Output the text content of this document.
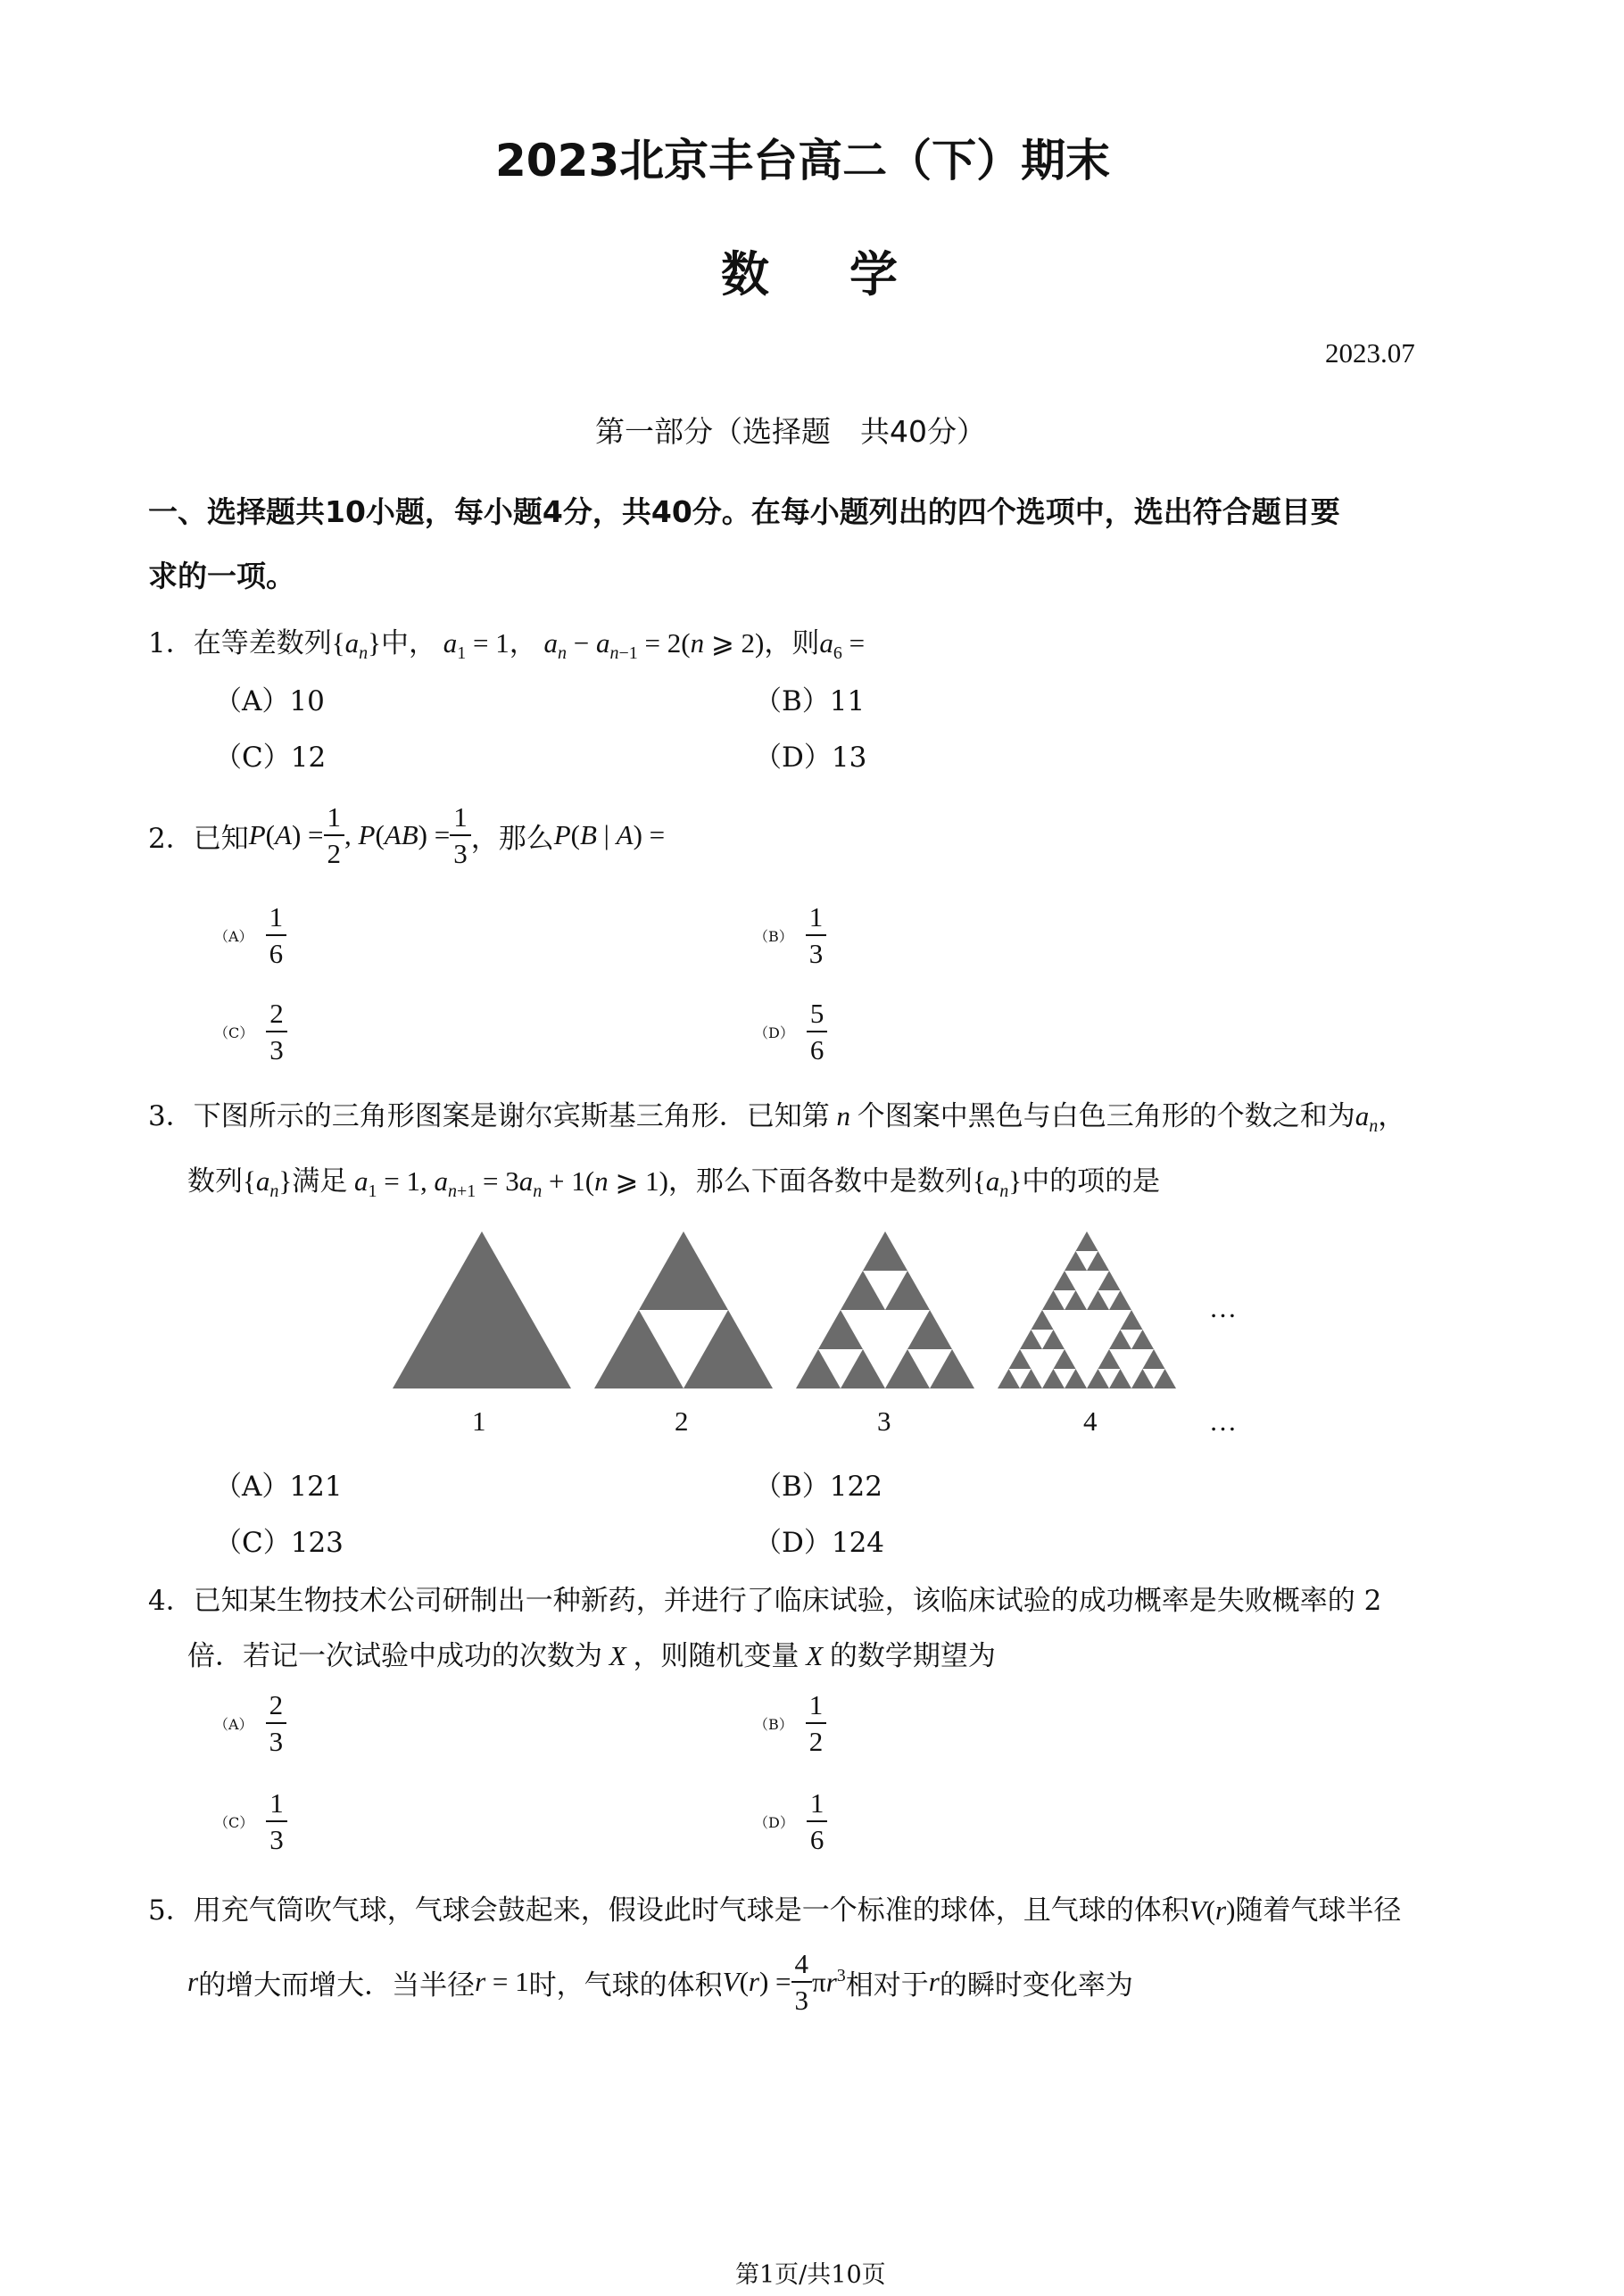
2023北京丰台高二（下）期末
数学
2023.07
第一部分（选择题　共40分）
一、选择题共10小题，每小题4分，共40分。在每小题列出的四个选项中，选出符合题目要
求的一项。
1．在等差数列$\{a_n\}$中， $a_1 = 1$， $a_n - a_{n-1} = 2(n$ ⩾ 2)，则$a_6$ =
（A）10	（B）11
（C）12	（D）13
2． 已知 $P(A) = \frac{1}{2}$ , $P(AB) = \frac{1}{3}$ ，那么 P(B | A) =
$(A) \frac{1}{6}$	$(B) \frac{1}{3}$
$(C) \frac{2}{3}$	$(D) \frac{5}{6}$
3．下图所示的三角形图案是谢尔宾斯基三角形．已知第 n 个图案中黑色与白色三角形的个数之和为$a_n$，
数列$\{a_n\}$满足 $a_1 = 1$, $a_{n+1} = 3a_n + 1(n$ ⩾ 1)，那么下面各数中是数列$\{a_n\}$中的项的是
…
1	2	3	4	…
（A）121	（B）122
（C）123	（D）124
4．已知某生物技术公司研制出一种新药，并进行了临床试验，该临床试验的成功概率是失败概率的 2
倍．若记一次试验中成功的次数为 X ，则随机变量 X 的数学期望为
$(A) \frac{2}{3}$	$(B) \frac{1}{2}$
$(C) \frac{1}{3}$	$(D) \frac{1}{6}$
5．用充气筒吹气球，气球会鼓起来，假设此时气球是一个标准的球体，且气球的体积V(r)随着气球半径
r 的增大而增大．当半径 r = 1 时，气球的体积 $V(r) = \frac{4}{3} \pi r^3$ 相对于 r 的瞬时变化率为
第1页/共10页
